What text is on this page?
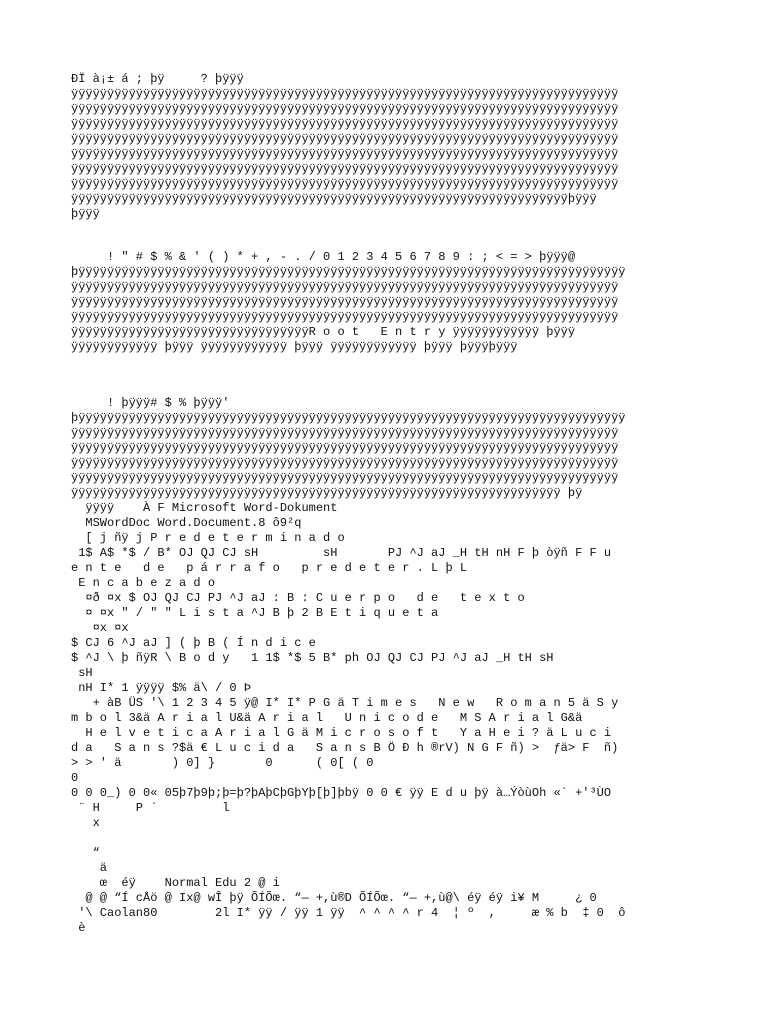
ÐÏ à¡± á ; þÿ     ? þÿÿÿ
ÿÿÿÿÿÿÿÿÿÿÿÿÿÿÿÿÿÿÿÿÿÿÿÿÿÿÿÿÿÿÿÿÿÿÿÿÿÿÿÿÿÿÿÿÿÿÿÿÿÿÿÿÿÿÿÿÿÿÿÿÿÿÿÿÿÿÿÿÿÿÿÿÿÿÿÿ
ÿÿÿÿÿÿÿÿÿÿÿÿÿÿÿÿÿÿÿÿÿÿÿÿÿÿÿÿÿÿÿÿÿÿÿÿÿÿÿÿÿÿÿÿÿÿÿÿÿÿÿÿÿÿÿÿÿÿÿÿÿÿÿÿÿÿÿÿÿÿÿÿÿÿÿÿ
ÿÿÿÿÿÿÿÿÿÿÿÿÿÿÿÿÿÿÿÿÿÿÿÿÿÿÿÿÿÿÿÿÿÿÿÿÿÿÿÿÿÿÿÿÿÿÿÿÿÿÿÿÿÿÿÿÿÿÿÿÿÿÿÿÿÿÿÿÿÿÿÿÿÿÿÿ
ÿÿÿÿÿÿÿÿÿÿÿÿÿÿÿÿÿÿÿÿÿÿÿÿÿÿÿÿÿÿÿÿÿÿÿÿÿÿÿÿÿÿÿÿÿÿÿÿÿÿÿÿÿÿÿÿÿÿÿÿÿÿÿÿÿÿÿÿÿÿÿÿÿÿÿÿ
ÿÿÿÿÿÿÿÿÿÿÿÿÿÿÿÿÿÿÿÿÿÿÿÿÿÿÿÿÿÿÿÿÿÿÿÿÿÿÿÿÿÿÿÿÿÿÿÿÿÿÿÿÿÿÿÿÿÿÿÿÿÿÿÿÿÿÿÿÿÿÿÿÿÿÿÿ
ÿÿÿÿÿÿÿÿÿÿÿÿÿÿÿÿÿÿÿÿÿÿÿÿÿÿÿÿÿÿÿÿÿÿÿÿÿÿÿÿÿÿÿÿÿÿÿÿÿÿÿÿÿÿÿÿÿÿÿÿÿÿÿÿÿÿÿÿÿÿÿÿÿÿÿÿ
ÿÿÿÿÿÿÿÿÿÿÿÿÿÿÿÿÿÿÿÿÿÿÿÿÿÿÿÿÿÿÿÿÿÿÿÿÿÿÿÿÿÿÿÿÿÿÿÿÿÿÿÿÿÿÿÿÿÿÿÿÿÿÿÿÿÿÿÿÿÿÿÿÿÿÿÿ
ÿÿÿÿÿÿÿÿÿÿÿÿÿÿÿÿÿÿÿÿÿÿÿÿÿÿÿÿÿÿÿÿÿÿÿÿÿÿÿÿÿÿÿÿÿÿÿÿÿÿÿÿÿÿÿÿÿÿÿÿÿÿÿÿÿÿÿÿÿþÿÿÿ
þÿÿÿ
! " # $ % & ' ( ) * + , - . / 0 1 2 3 4 5 6 7 8 9 : ; < = > þÿÿÿ@
þÿÿÿÿÿÿÿÿÿÿÿÿÿÿÿÿÿÿÿÿÿÿÿÿÿÿÿÿÿÿÿÿÿÿÿÿÿÿÿÿÿÿÿÿÿÿÿÿÿÿÿÿÿÿÿÿÿÿÿÿÿÿÿÿÿÿÿÿÿÿÿÿÿÿÿÿ
ÿÿÿÿÿÿÿÿÿÿÿÿÿÿÿÿÿÿÿÿÿÿÿÿÿÿÿÿÿÿÿÿÿÿÿÿÿÿÿÿÿÿÿÿÿÿÿÿÿÿÿÿÿÿÿÿÿÿÿÿÿÿÿÿÿÿÿÿÿÿÿÿÿÿÿÿ
ÿÿÿÿÿÿÿÿÿÿÿÿÿÿÿÿÿÿÿÿÿÿÿÿÿÿÿÿÿÿÿÿÿÿÿÿÿÿÿÿÿÿÿÿÿÿÿÿÿÿÿÿÿÿÿÿÿÿÿÿÿÿÿÿÿÿÿÿÿÿÿÿÿÿÿÿ
ÿÿÿÿÿÿÿÿÿÿÿÿÿÿÿÿÿÿÿÿÿÿÿÿÿÿÿÿÿÿÿÿÿÿÿÿÿÿÿÿÿÿÿÿÿÿÿÿÿÿÿÿÿÿÿÿÿÿÿÿÿÿÿÿÿÿÿÿÿÿÿÿÿÿÿÿ
ÿÿÿÿÿÿÿÿÿÿÿÿÿÿÿÿÿÿÿÿÿÿÿÿÿÿÿÿÿÿÿÿÿR o o t   E n t r y ÿÿÿÿÿÿÿÿÿÿÿÿ þÿÿÿ
ÿÿÿÿÿÿÿÿÿÿÿÿ þÿÿÿ ÿÿÿÿÿÿÿÿÿÿÿÿ þÿÿÿ ÿÿÿÿÿÿÿÿÿÿÿÿ þÿÿÿ þÿÿÿþÿÿÿ
! þÿÿÿ# $ % þÿÿÿ'
þÿÿÿÿÿÿÿÿÿÿÿÿÿÿÿÿÿÿÿÿÿÿÿÿÿÿÿÿÿÿÿÿÿÿÿÿÿÿÿÿÿÿÿÿÿÿÿÿÿÿÿÿÿÿÿÿÿÿÿÿÿÿÿÿÿÿÿÿÿÿÿÿÿÿÿÿ
ÿÿÿÿÿÿÿÿÿÿÿÿÿÿÿÿÿÿÿÿÿÿÿÿÿÿÿÿÿÿÿÿÿÿÿÿÿÿÿÿÿÿÿÿÿÿÿÿÿÿÿÿÿÿÿÿÿÿÿÿÿÿÿÿÿÿÿÿÿÿÿÿÿÿÿÿ
ÿÿÿÿÿÿÿÿÿÿÿÿÿÿÿÿÿÿÿÿÿÿÿÿÿÿÿÿÿÿÿÿÿÿÿÿÿÿÿÿÿÿÿÿÿÿÿÿÿÿÿÿÿÿÿÿÿÿÿÿÿÿÿÿÿÿÿÿÿÿÿÿÿÿÿÿ
ÿÿÿÿÿÿÿÿÿÿÿÿÿÿÿÿÿÿÿÿÿÿÿÿÿÿÿÿÿÿÿÿÿÿÿÿÿÿÿÿÿÿÿÿÿÿÿÿÿÿÿÿÿÿÿÿÿÿÿÿÿÿÿÿÿÿÿÿÿÿÿÿÿÿÿÿ
ÿÿÿÿÿÿÿÿÿÿÿÿÿÿÿÿÿÿÿÿÿÿÿÿÿÿÿÿÿÿÿÿÿÿÿÿÿÿÿÿÿÿÿÿÿÿÿÿÿÿÿÿÿÿÿÿÿÿÿÿÿÿÿÿÿÿÿÿÿÿÿÿÿÿÿÿ
ÿÿÿÿÿÿÿÿÿÿÿÿÿÿÿÿÿÿÿÿÿÿÿÿÿÿÿÿÿÿÿÿÿÿÿÿÿÿÿÿÿÿÿÿÿÿÿÿÿÿÿÿÿÿÿÿÿÿÿÿÿÿÿÿÿÿÿÿ þÿ
ÿÿÿÿ    À F Microsoft Word-Dokument
MSWordDoc Word.Document.8 ô9²q
[ j ñÿ j P r e d e t e r m i n a d o
1$ A$ *$ / B* OJ QJ CJ sH         sH       PJ ^J aJ _H tH nH F þ òÿñ F F u
e n t e   d e   p á r r a f o   p r e d e t e r . L þ L
E n c a b e z a d o
¤ð ¤x $ OJ QJ CJ PJ ^J aJ : B : C u e r p o   d e   t e x t o
¤ ¤x " / " " L i s t a ^J B þ 2 B E t i q u e t a
¤x ¤x
$ CJ 6 ^J aJ ] ( þ B ( Í n d i c e
$ ^J \ þ ñÿR \ B o d y   1 1$ *$ 5 B* ph OJ QJ CJ PJ ^J aJ _H tH sH
sH
nH I* 1 ÿÿÿÿ $% ä\ / 0 Þ
+ àB ÜS '\ 1 2 3 4 5 ÿ@ I* I* P G ä T i m e s   N e w   R o m a n 5 ä S y
m b o l 3&ä A r i a l U&ä A r i a l   U n i c o d e   M S A r i a l G&ä
H e l v e t i c a A r i a l G ä M i c r o s o f t   Y a H e i ? ä L u c i
d a   S a n s ?$ä € L u c i d a   S a n s B Ö Ð h ®rV) N G F ñ) >  ƒä> F  ñ)
> > ' ä       ) 0] }       0      ( 0[ ( 0
0
0 0 0_) 0 0« 05þ7þ9þ;þ=þ?þAþCþGþYþ[þ]þbÿ 0 0 € ÿÿ E d u þÿ à…ÝòùOh «` +'³ÙO
¨ H     P `         l
x
“
ä
œ  éÿ    Normal Edu 2 @ i
@ @ “Í cÅö @ Ix@ wÎ þÿ ÕÍÕœ. “— +,ù®D ÕÍÕœ. “— +,ù@\ éÿ éÿ i¥ M     ¿ 0
'\ Caolan80        2l I* ÿÿ / ÿÿ 1 ÿÿ  ^ ^ ^ ^ r 4  ¦ º  ,     æ % b  ‡ 0  ô
è
